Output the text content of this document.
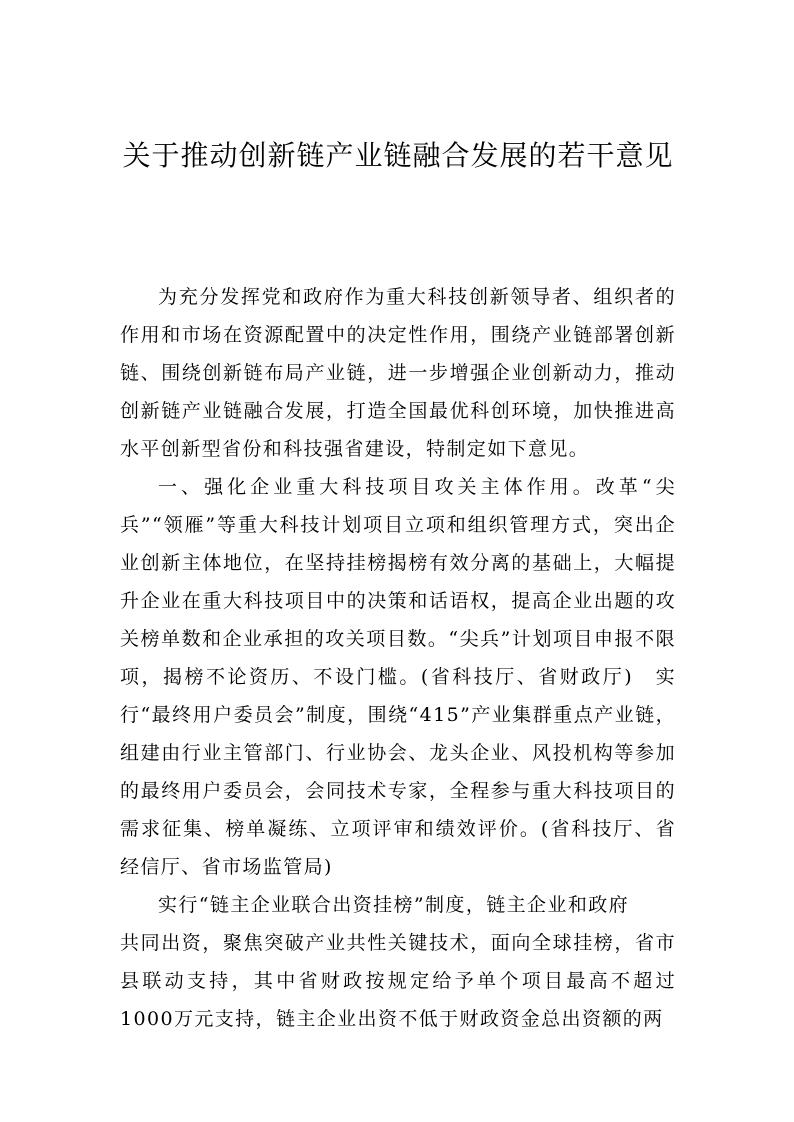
关于推动创新链产业链融合发展的若干意见

为充分发挥党和政府作为重大科技创新领导者、组织者的作用和市场在资源配置中的决定性作用，围绕产业链部署创新链、围绕创新链布局产业链，进一步增强企业创新动力，推动创新链产业链融合发展，打造全国最优科创环境，加快推进高水平创新型省份和科技强省建设，特制定如下意见。

一、强化企业重大科技项目攻关主体作用。改革“尖兵”“领雁”等重大科技计划项目立项和组织管理方式，突出企业创新主体地位，在坚持挂榜揭榜有效分离的基础上，大幅提升企业在重大科技项目中的决策和话语权，提高企业出题的攻关榜单数和企业承担的攻关项目数。“尖兵”计划项目申报不限项，揭榜不论资历、不设门槛。(省科技厅、省财政厅)　实行“最终用户委员会”制度，围绕“415”产业集群重点产业链，组建由行业主管部门、行业协会、龙头企业、风投机构等参加的最终用户委员会，会同技术专家，全程参与重大科技项目的需求征集、榜单凝练、立项评审和绩效评价。(省科技厅、省经信厅、省市场监管局)

实行“链主企业联合出资挂榜”制度，链主企业和政府
共同出资，聚焦突破产业共性关键技术，面向全球挂榜，省市县联动支持，其中省财政按规定给予单个项目最高不超过1000万元支持，链主企业出资不低于财政资金总出资额的两
